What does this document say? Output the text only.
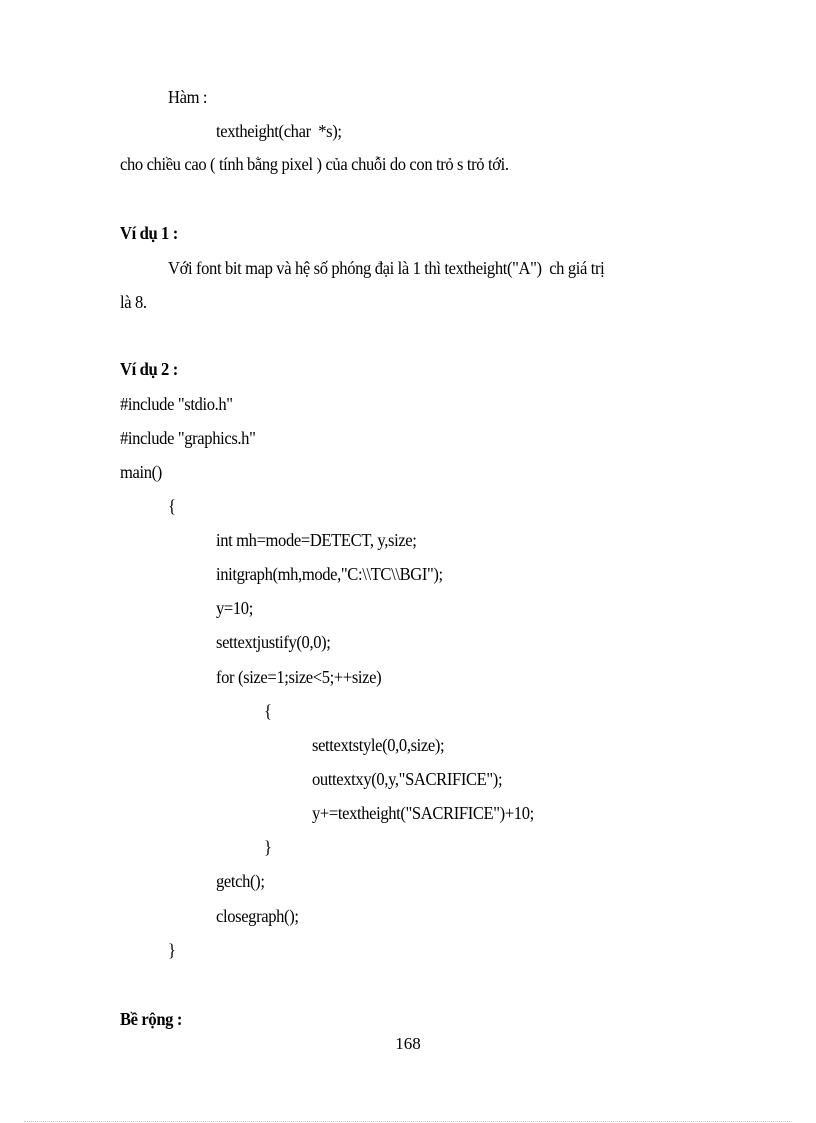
Hàm :
textheight(char  *s);
cho chiều cao ( tính bằng pixel ) của chuỗi do con trỏ s trỏ tới.
Ví dụ 1 :
Với font bit map và hệ số phóng đại là 1 thì textheight("A")  ch giá trị
là 8.
Ví dụ 2 :
#include "stdio.h"
#include "graphics.h"
main()
{
int mh=mode=DETECT, y,size;
initgraph(mh,mode,"C:\\TC\\BGI");
y=10;
settextjustify(0,0);
for (size=1;size<5;++size)
{
settextstyle(0,0,size);
outtextxy(0,y,"SACRIFICE");
y+=textheight("SACRIFICE")+10;
}
getch();
closegraph();
}
Bề rộng :
168
